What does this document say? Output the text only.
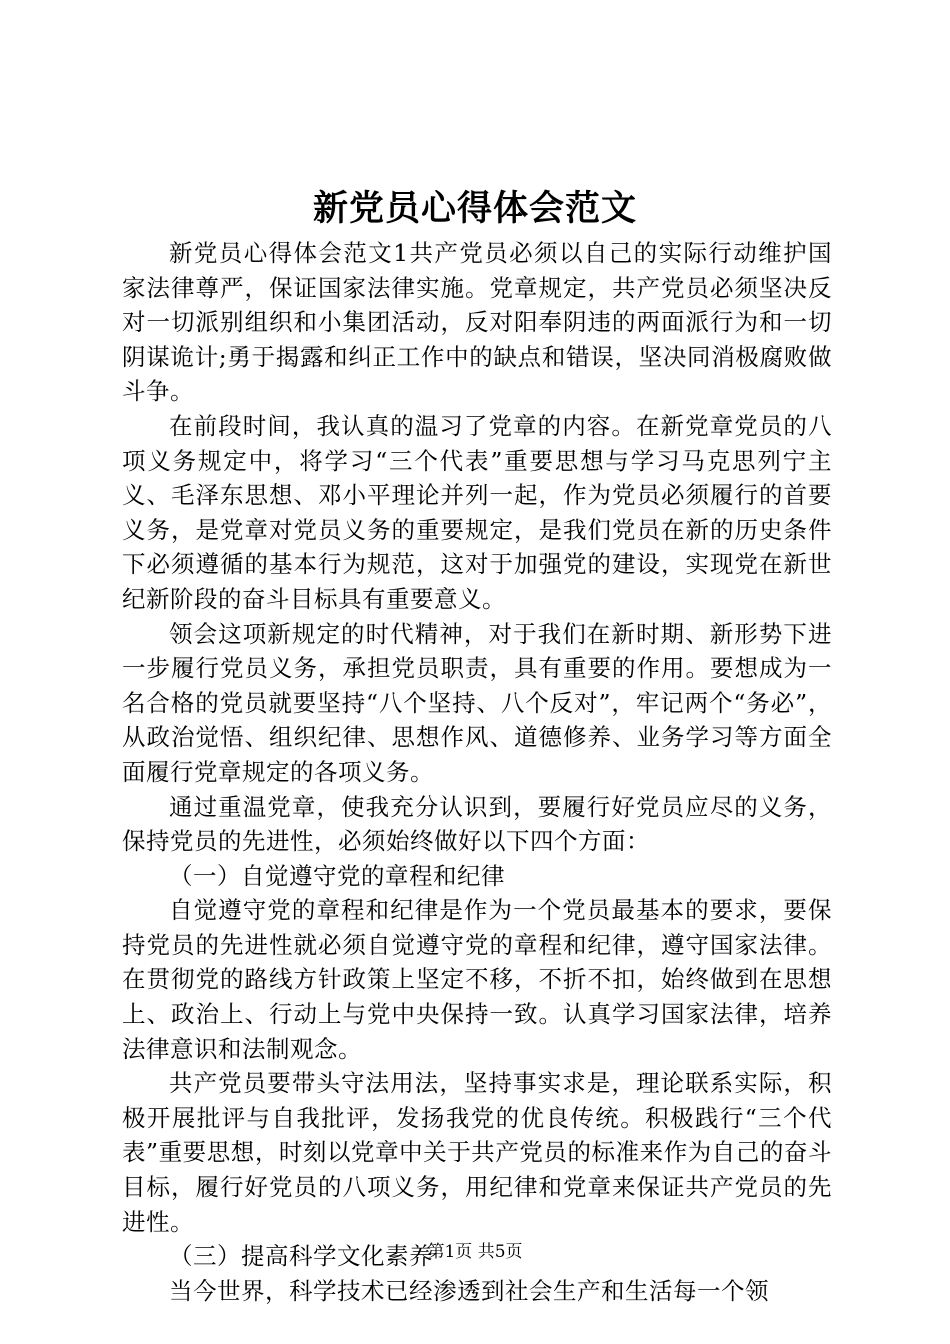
新党员心得体会范文

新党员心得体会范文1共产党员必须以自己的实际行动维护国家法律尊严，保证国家法律实施。党章规定，共产党员必须坚决反对一切派别组织和小集团活动，反对阳奉阴违的两面派行为和一切阴谋诡计;勇于揭露和纠正工作中的缺点和错误，坚决同消极腐败做斗争。

在前段时间，我认真的温习了党章的内容。在新党章党员的八项义务规定中，将学习“三个代表”重要思想与学习马克思列宁主义、毛泽东思想、邓小平理论并列一起，作为党员必须履行的首要义务，是党章对党员义务的重要规定，是我们党员在新的历史条件下必须遵循的基本行为规范，这对于加强党的建设，实现党在新世纪新阶段的奋斗目标具有重要意义。

领会这项新规定的时代精神，对于我们在新时期、新形势下进一步履行党员义务，承担党员职责，具有重要的作用。要想成为一名合格的党员就要坚持“八个坚持、八个反对”，牢记两个“务必”，从政治觉悟、组织纪律、思想作风、道德修养、业务学习等方面全面履行党章规定的各项义务。

通过重温党章，使我充分认识到，要履行好党员应尽的义务，保持党员的先进性，必须始终做好以下四个方面：

（一）自觉遵守党的章程和纪律

自觉遵守党的章程和纪律是作为一个党员最基本的要求，要保持党员的先进性就必须自觉遵守党的章程和纪律，遵守国家法律。在贯彻党的路线方针政策上坚定不移，不折不扣，始终做到在思想上、政治上、行动上与党中央保持一致。认真学习国家法律，培养法律意识和法制观念。

共产党员要带头守法用法，坚持事实求是，理论联系实际，积极开展批评与自我批评，发扬我党的优良传统。积极践行“三个代表”重要思想，时刻以党章中关于共产党员的标准来作为自己的奋斗目标，履行好党员的八项义务，用纪律和党章来保证共产党员的先进性。

（三）提高科学文化素养

当今世界，科学技术已经渗透到社会生产和生活每一个领

第1页 共5页
